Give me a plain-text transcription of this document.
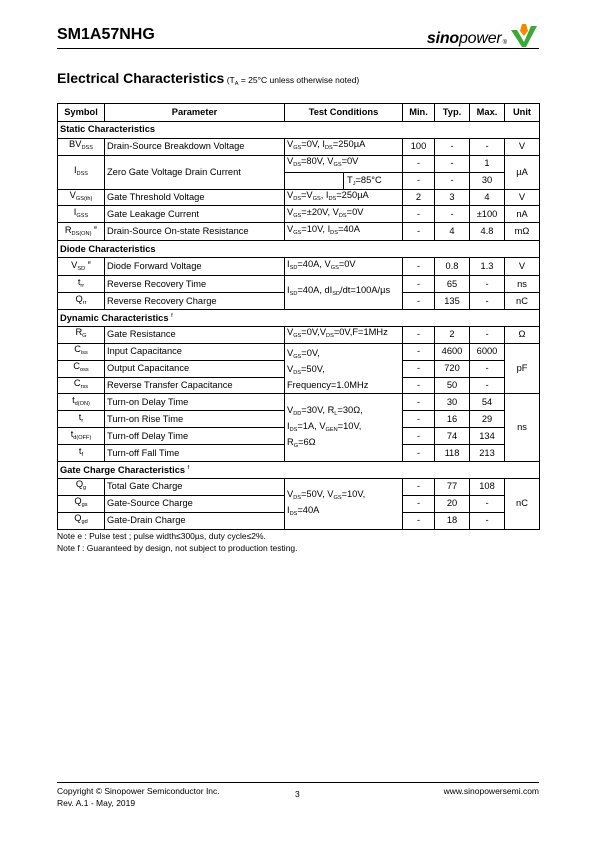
SM1A57NHG	sinopower ®
Electrical Characteristics ($T_A = 25^\circ C$ unless otherwise noted)
Symbol	Parameter	Test Conditions	Min.	Typ.	Max.	Unit
Static Characteristics						
$BV_{DSS}$	Drain-Source Breakdown Voltage	$V_{GS}=0V$, $I_{DS}=250\mu A$	100	-	-	V
$I_{DSS}$	Zero Gate Voltage Drain Current	$V_{DS}=80V$, $V_{GS}=0V$	-	-	1	µA

		$T_J=85^\circ C$	-	-	30	
$V_{GS(th)}$	Gate Threshold Voltage	$V_{DS}=V_{GS}$, $I_{DS}=250\mu A$	2	3	4	V
$I_{GSS}$	Gate Leakage Current	$V_{GS}=\pm 20V$, $V_{DS}=0V$	-	-	±100	nA
$R_{DS(ON)}$ $^e$	Drain-Source On-state Resistance	$V_{GS}=10V$, $I_{DS}=40A$	-	4	4.8	mΩ
Diode Characteristics						
$V_{SD}$ $^e$	Diode Forward Voltage	$I_{SD}=40A$, $V_{GS}=0V$	-	0.8	1.3	V
$t_{rr}$	Reverse Recovery Time	$I_{SD}=40A$, $dI_{SD}/dt=100A/\mu s$	-	65	-	ns
$Q_{rr}$	Reverse Recovery Charge		-	135	-	nC
Dynamic Characteristics $^f$
$R_G$	Gate Resistance	$V_{GS}=0V,V_{DS}=0V,F=1MHz$	-	2	-	Ω
$C_{iss}$	Input Capacitance	$V_{GS}=0V$,
$V_{DS}=50V$,
Frequency=1.0MHz	-	4600	6000	pF
$C_{oss}$	Output Capacitance		-	720	-	
$C_{rss}$	Reverse Transfer Capacitance		-	50	-	
$t_{d(ON)}$	Turn-on Delay Time	$V_{DD}=30V$, $R_L=30\Omega$,
$I_{DS}=1A$, $V_{GEN}=10V$,
$R_G=6\Omega$	-	30	54	ns
$t_r$	Turn-on Rise Time		-	16	29	
$t_{d(OFF)}$	Turn-off Delay Time		-	74	134	
$t_f$	Turn-off Fall Time		-	118	213	
Gate Charge Characteristics $^f$
$Q_g$	Total Gate Charge	$V_{DS}=50V$, $V_{GS}=10V$,
$I_{DS}=40A$	-	77	108	nC
$Q_{gs}$	Gate-Source Charge		-	20	-	
$Q_{gd}$	Gate-Drain Charge		-	18	-	
Note e : Pulse test ; pulse width≤300µs, duty cycle≤2%.
Note f : Guaranteed by design, not subject to production testing.
Copyright © Sinopower Semiconductor Inc.
Rev. A.1 - May, 2019
3	www.sinopowersemi.com
